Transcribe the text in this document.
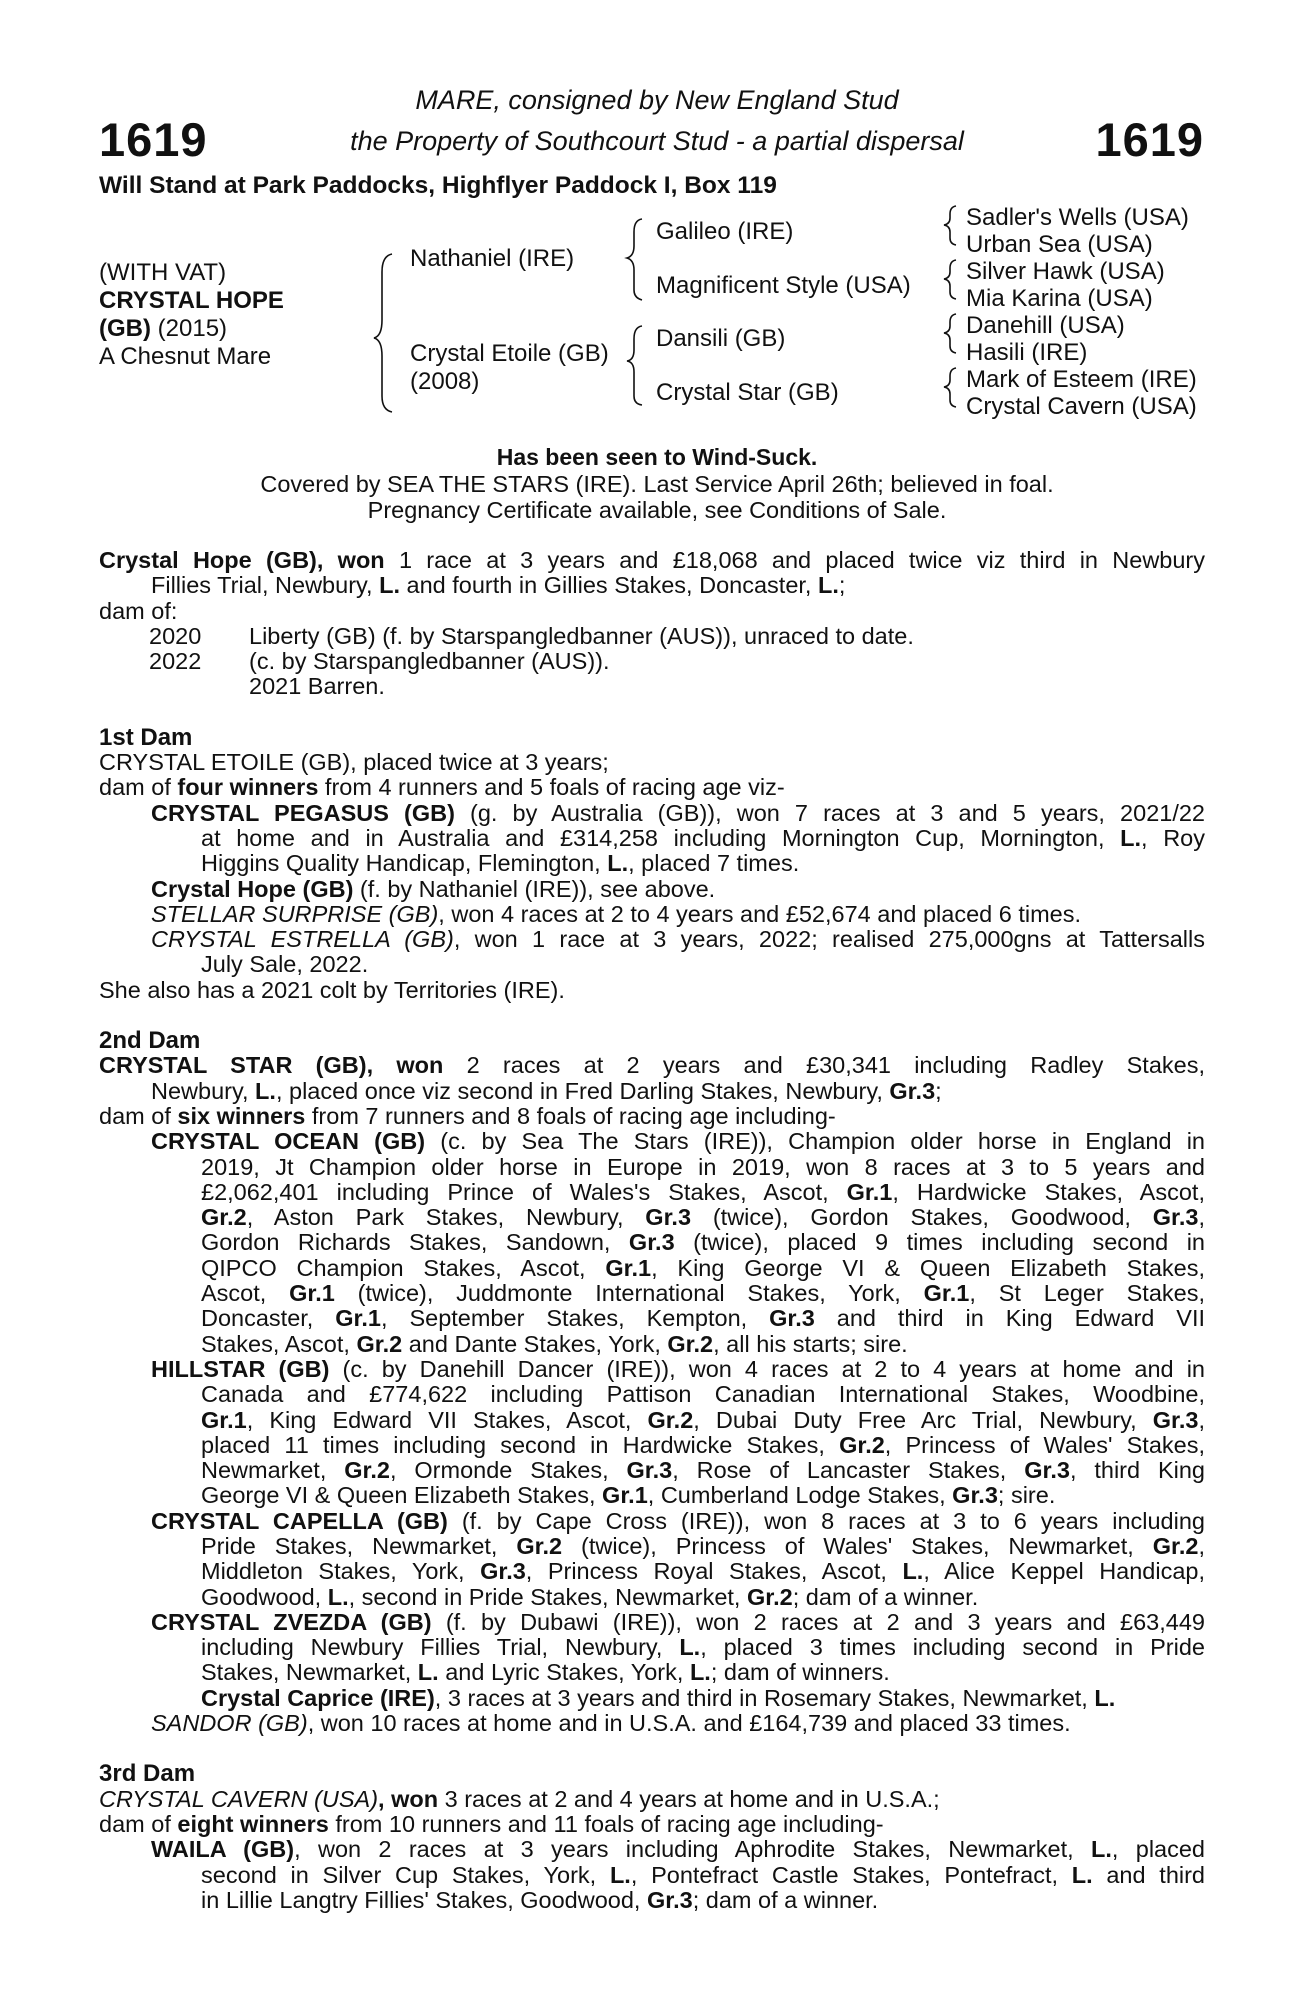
1619	1619
MARE, consigned by New England Stud
the Property of Southcourt Stud - a partial dispersal
Will Stand at Park Paddocks, Highflyer Paddock I, Box 119
(WITH VAT)
CRYSTAL HOPE
(GB) (2015)
A Chesnut Mare
Nathaniel (IRE)
Crystal Etoile (GB)
(2008)
Galileo (IRE)
Magnificent Style (USA)
Dansili (GB)
Crystal Star (GB)
Sadler's Wells (USA)
Urban Sea (USA)
Silver Hawk (USA)
Mia Karina (USA)
Danehill (USA)
Hasili (IRE)
Mark of Esteem (IRE)
Crystal Cavern (USA)
Has been seen to Wind-Suck.
Covered by SEA THE STARS (IRE). Last Service April 26th; believed in foal.
Pregnancy Certificate available, see Conditions of Sale.

Crystal Hope (GB), won 1 race at 3 years and £18,068 and placed twice viz third in Newbury

Fillies Trial, Newbury, L. and fourth in Gillies Stakes, Doncaster, L.;

dam of:

2020 Liberty (GB) (f. by Starspangledbanner (AUS)), unraced to date.

2022 (c. by Starspangledbanner (AUS)).

2021 Barren.

1st Dam

CRYSTAL ETOILE (GB), placed twice at 3 years;

dam of four winners from 4 runners and 5 foals of racing age viz-

CRYSTAL PEGASUS (GB) (g. by Australia (GB)), won 7 races at 3 and 5 years, 2021/22

at home and in Australia and £314,258 including Mornington Cup, Mornington, L., Roy

Higgins Quality Handicap, Flemington, L., placed 7 times.

Crystal Hope (GB) (f. by Nathaniel (IRE)), see above.

STELLAR SURPRISE (GB), won 4 races at 2 to 4 years and £52,674 and placed 6 times.

CRYSTAL ESTRELLA (GB), won 1 race at 3 years, 2022; realised 275,000gns at Tattersalls

July Sale, 2022.

She also has a 2021 colt by Territories (IRE).

2nd Dam

CRYSTAL STAR (GB), won 2 races at 2 years and £30,341 including Radley Stakes,

Newbury, L., placed once viz second in Fred Darling Stakes, Newbury, Gr.3;

dam of six winners from 7 runners and 8 foals of racing age including-

CRYSTAL OCEAN (GB) (c. by Sea The Stars (IRE)), Champion older horse in England in

2019, Jt Champion older horse in Europe in 2019, won 8 races at 3 to 5 years and

£2,062,401 including Prince of Wales's Stakes, Ascot, Gr.1, Hardwicke Stakes, Ascot,

Gr.2, Aston Park Stakes, Newbury, Gr.3 (twice), Gordon Stakes, Goodwood, Gr.3,

Gordon Richards Stakes, Sandown, Gr.3 (twice), placed 9 times including second in

QIPCO Champion Stakes, Ascot, Gr.1, King George VI & Queen Elizabeth Stakes,

Ascot, Gr.1 (twice), Juddmonte International Stakes, York, Gr.1, St Leger Stakes,

Doncaster, Gr.1, September Stakes, Kempton, Gr.3 and third in King Edward VII

Stakes, Ascot, Gr.2 and Dante Stakes, York, Gr.2, all his starts; sire.

HILLSTAR (GB) (c. by Danehill Dancer (IRE)), won 4 races at 2 to 4 years at home and in

Canada and £774,622 including Pattison Canadian International Stakes, Woodbine,

Gr.1, King Edward VII Stakes, Ascot, Gr.2, Dubai Duty Free Arc Trial, Newbury, Gr.3,

placed 11 times including second in Hardwicke Stakes, Gr.2, Princess of Wales' Stakes,

Newmarket, Gr.2, Ormonde Stakes, Gr.3, Rose of Lancaster Stakes, Gr.3, third King

George VI & Queen Elizabeth Stakes, Gr.1, Cumberland Lodge Stakes, Gr.3; sire.

CRYSTAL CAPELLA (GB) (f. by Cape Cross (IRE)), won 8 races at 3 to 6 years including

Pride Stakes, Newmarket, Gr.2 (twice), Princess of Wales' Stakes, Newmarket, Gr.2,

Middleton Stakes, York, Gr.3, Princess Royal Stakes, Ascot, L., Alice Keppel Handicap,

Goodwood, L., second in Pride Stakes, Newmarket, Gr.2; dam of a winner.

CRYSTAL ZVEZDA (GB) (f. by Dubawi (IRE)), won 2 races at 2 and 3 years and £63,449

including Newbury Fillies Trial, Newbury, L., placed 3 times including second in Pride

Stakes, Newmarket, L. and Lyric Stakes, York, L.; dam of winners.

Crystal Caprice (IRE), 3 races at 3 years and third in Rosemary Stakes, Newmarket, L.

SANDOR (GB), won 10 races at home and in U.S.A. and £164,739 and placed 33 times.

3rd Dam

CRYSTAL CAVERN (USA), won 3 races at 2 and 4 years at home and in U.S.A.;

dam of eight winners from 10 runners and 11 foals of racing age including-

WAILA (GB), won 2 races at 3 years including Aphrodite Stakes, Newmarket, L., placed

second in Silver Cup Stakes, York, L., Pontefract Castle Stakes, Pontefract, L. and third

in Lillie Langtry Fillies' Stakes, Goodwood, Gr.3; dam of a winner.
